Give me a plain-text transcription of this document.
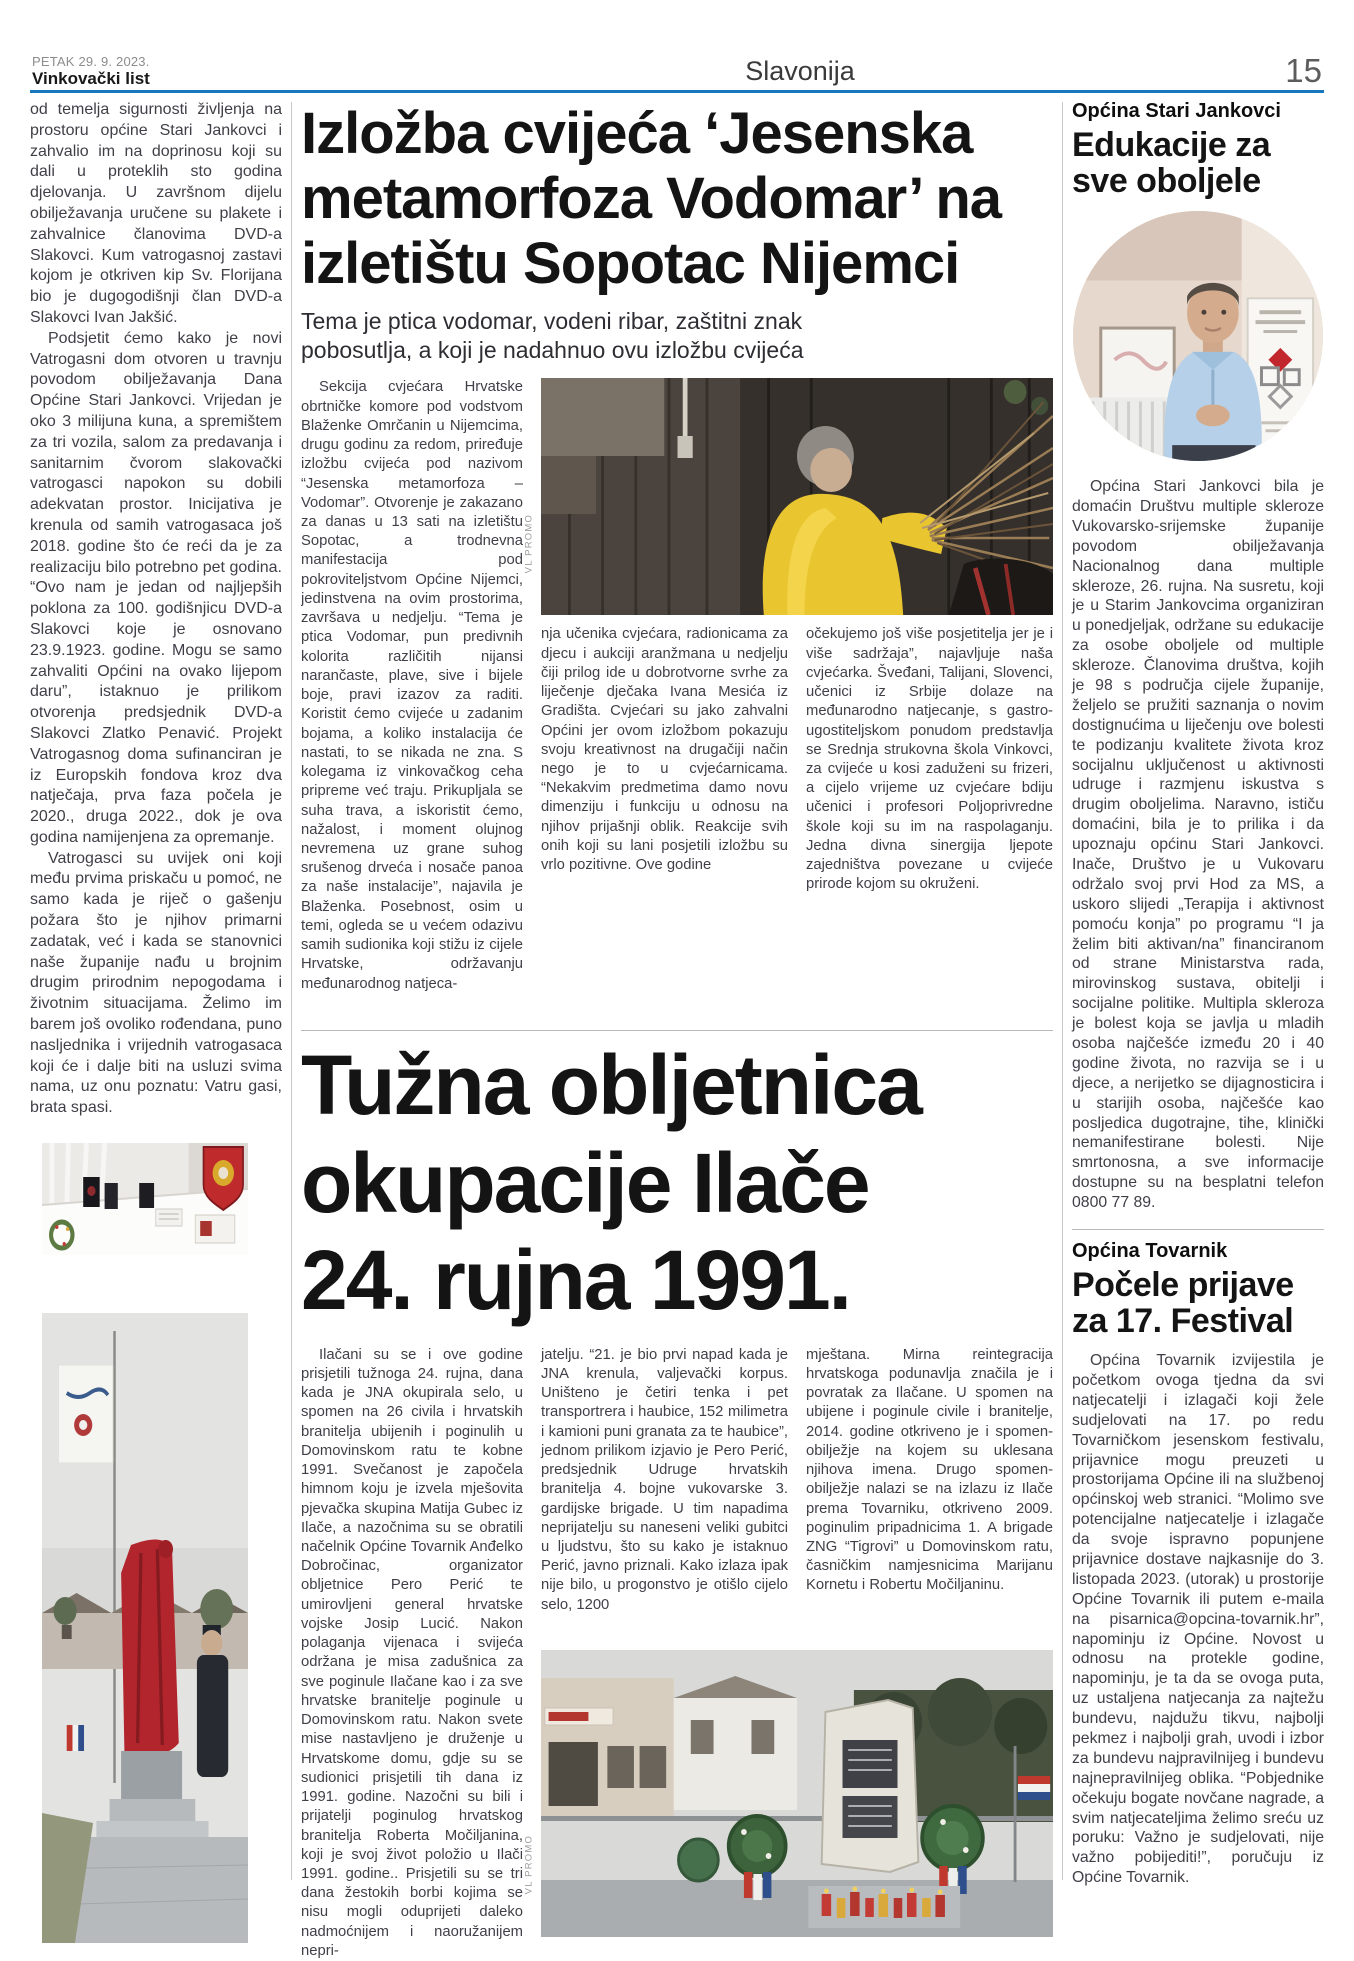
PETAK 29. 9. 2023.
Vinkovački list	Slavonija	15

od temelja sigurnosti življenja na prostoru općine Stari Jankovci i zahvalio im na doprinosu koji su dali u proteklih sto godina djelovanja. U završnom dijelu obilježavanja uručene su plakete i zahvalnice članovima DVD-a Slakovci. Kum vatrogasnoj zastavi kojom je otkriven kip Sv. Florijana bio je dugogodišnji član DVD-a Slakovci Ivan Jakšić.

Podsjetit ćemo kako je novi Vatrogasni dom otvoren u travnju povodom obilježavanja Dana Općine Stari Jankovci. Vrijedan je oko 3 milijuna kuna, a spremištem za tri vozila, salom za predavanja i sanitarnim čvorom slakovački vatrogasci napokon su dobili adekvatan prostor. Inicijativa je krenula od samih vatrogasaca još 2018. godine što će reći da je za realizaciju bilo potrebno pet godina. “Ovo nam je jedan od najljepših poklona za 100. godišnjicu DVD-a Slakovci koje je osnovano 23.9.1923. godine. Mogu se samo zahvaliti Općini na ovako lijepom daru”, istaknuo je prilikom otvorenja predsjednik DVD-a Slakovci Zlatko Penavić. Projekt Vatrogasnog doma sufinanciran je iz Europskih fondova kroz dva natječaja, prva faza počela je 2020., druga 2022., dok je ova godina namijenjena za opremanje.

Vatrogasci su uvijek oni koji među prvima priskaču u pomoć, ne samo kada je riječ o gašenju požara što je njihov primarni zadatak, već i kada se stanovnici naše županije nađu u brojnim drugim prirodnim nepogodama i životnim situacijama. Želimo im barem još ovoliko rođendana, puno nasljednika i vrijednih vatrogasaca koji će i dalje biti na usluzi svima nama, uz onu poznatu: Vatru gasi, brata spasi.

Izložba cvijeća ‘Jesenska
metamorfoza Vodomar’ na
izletištu Sopotac Nijemci
Tema je ptica vodomar, vodeni ribar, zaštitni znak
pobosutlja, a koji je nadahnuo ovu izložbu cvijeća
Sekcija cvjećara Hrvatske obrtničke komore pod vodstvom Blaženke Omrčanin u Nijemcima, drugu godinu za redom, priređuje izložbu cvijeća pod nazivom “Jesenska metamorfoza – Vodomar”. Otvorenje je zakazano za danas u 13 sati na izletištu Sopotac, a trodnevna manifestacija pod pokroviteljstvom Općine Nijemci, jedinstvena na ovim prostorima, završava u nedjelju. “Tema je ptica Vodomar, pun predivnih kolorita različitih nijansi narančaste, plave, sive i bijele boje, pravi izazov za raditi. Koristit ćemo cvijeće u zadanim bojama, a koliko instalacija će nastati, to se nikada ne zna. S kolegama iz vinkovačkog ceha pripreme već traju. Prikupljala se suha trava, a iskoristit ćemo, nažalost, i moment olujnog nevremena uz grane suhog srušenog drveća i nosače panoa za naše instalacije”, najavila je Blaženka. Posebnost, osim u temi, ogleda se u većem odazivu samih sudionika koji stižu iz cijele Hrvatske, održavanju međunarodnog natjeca-
VL PROMO
nja učenika cvjećara, radionicama za djecu i aukciji aranžmana u nedjelju čiji prilog ide u dobrotvorne svrhe za liječenje dječaka Ivana Mesića iz Gradišta. Cvjećari su jako zahvalni Općini jer ovom izložbom pokazuju svoju kreativnost na drugačiji način nego je to u cvjećarnicama. “Nekakvim predmetima damo novu dimenziju i funkciju u odnosu na njihov prijašnji oblik. Reakcije svih onih koji su lani posjetili izložbu su vrlo pozitivne. Ove godine
očekujemo još više posjetitelja jer je i više sadržaja”, najavljuje naša cvjećarka. Šveđani, Talijani, Slovenci, učenici iz Srbije dolaze na međunarodno natjecanje, s gastro-ugostiteljskom ponudom predstavlja se Srednja strukovna škola Vinkovci, za cvijeće u kosi zaduženi su frizeri, a cijelo vrijeme uz cvjećare bdiju učenici i profesori Poljoprivredne škole koji su im na raspolaganju. Jedna divna sinergija ljepote zajedništva povezane u cvijeće prirode kojom su okruženi.
Tužna obljetnica
okupacije Ilače
24. rujna 1991.
Ilačani su se i ove godine prisjetili tužnoga 24. rujna, dana kada je JNA okupirala selo, u spomen na 26 civila i hrvatskih branitelja ubijenih i poginulih u Domovinskom ratu te kobne 1991. Svečanost je započela himnom koju je izvela mješovita pjevačka skupina Matija Gubec iz Ilače, a nazočnima su se obratili načelnik Općine Tovarnik Anđelko Dobročinac, organizator obljetnice Pero Perić te umirovljeni general hrvatske vojske Josip Lucić. Nakon polaganja vijenaca i svijeća održana je misa zadušnica za sve poginule Ilačane kao i za sve hrvatske branitelje poginule u Domovinskom ratu. Nakon svete mise nastavljeno je druženje u Hrvatskome domu, gdje su se sudionici prisjetili tih dana iz 1991. godine. Nazočni su bili i prijatelji poginulog hrvatskog branitelja Roberta Močiljanina, koji je svoj život položio u Ilači 1991. godine.. Prisjetili su se tri dana žestokih borbi kojima se nisu mogli oduprijeti daleko nadmoćnijem i naoružanijem nepri-
jatelju. “21. je bio prvi napad kada je JNA krenula, valjevački korpus. Uništeno je četiri tenka i pet transportrera i haubice, 152 milimetra i kamioni puni granata za te haubice”, jednom prilikom izjavio je Pero Perić, predsjednik Udruge hrvatskih branitelja 4. bojne vukovarske 3. gardijske brigade. U tim napadima neprijatelju su naneseni veliki gubitci u ljudstvu, što su kako je istaknuo Perić, javno priznali. Kako izlaza ipak nije bilo, u progonstvo je otišlo cijelo selo, 1200
mještana. Mirna reintegracija hrvatskoga podunavlja značila je i povratak za Ilačane. U spomen na ubijene i poginule civile i branitelje, 2014. godine otkriveno je i spomen-obilježje na kojem su uklesana njihova imena. Drugo spomen-obilježje nalazi se na izlazu iz Ilače prema Tovarniku, otkriveno 2009. poginulim pripadnicima 1. A brigade ZNG “Tigrovi” u Domovinskom ratu, časničkim namjesnicima Marijanu Kornetu i Robertu Močiljaninu.
VL PROMO
Općina Stari Jankovci
Edukacije za
sve oboljele
Općina Stari Jankovci bila je domaćin Društvu multiple skleroze Vukovarsko-srijemske županije povodom obilježavanja Nacionalnog dana multiple skleroze, 26. rujna. Na susretu, koji je u Starim Jankovcima organiziran u ponedjeljak, održane su edukacije za osobe oboljele od multiple skleroze. Članovima društva, kojih je 98 s područja cijele županije, željelo se pružiti saznanja o novim dostignućima u liječenju ove bolesti te podizanju kvalitete života kroz socijalnu uključenost u aktivnosti udruge i razmjenu iskustva s drugim oboljelima. Naravno, ističu domaćini, bila je to prilika i da upoznaju općinu Stari Jankovci. Inače, Društvo je u Vukovaru održalo svoj prvi Hod za MS, a uskoro slijedi „Terapija i aktivnost pomoću konja” po programu “I ja želim biti aktivan/na” financiranom od strane Ministarstva rada, mirovinskog sustava, obitelji i socijalne politike. Multipla skleroza je bolest koja se javlja u mladih osoba najčešće između 20 i 40 godine života, no razvija se i u djece, a nerijetko se dijagnosticira i u starijih osoba, najčešće kao posljedica dugotrajne, tihe, klinički nemanifestirane bolesti. Nije smrtonosna, a sve informacije dostupne su na besplatni telefon 0800 77 89.
Općina Tovarnik
Počele prijave
za 17. Festival
Općina Tovarnik izvijestila je početkom ovoga tjedna da svi natjecatelji i izlagači koji žele sudjelovati na 17. po redu Tovarničkom jesenskom festivalu, prijavnice mogu preuzeti u prostorijama Općine ili na službenoj općinskoj web stranici. “Molimo sve potencijalne natjecatelje i izlagače da svoje ispravno popunjene prijavnice dostave najkasnije do 3. listopada 2023. (utorak) u prostorije Općine Tovarnik ili putem e-maila na pisarnica@opcina-tovarnik.hr”, napominju iz Općine. Novost u odnosu na protekle godine, napominju, je ta da se ovoga puta, uz ustaljena natjecanja za najtežu bundevu, najdužu tikvu, najbolji pekmez i najbolji grah, uvodi i izbor za bundevu najpravilnijeg i bundevu najnepravilnijeg oblika. “Pobjednike očekuju bogate novčane nagrade, a svim natjecateljima želimo sreću uz poruku: Važno je sudjelovati, nije važno pobijediti!”, poručuju iz Općine Tovarnik.
